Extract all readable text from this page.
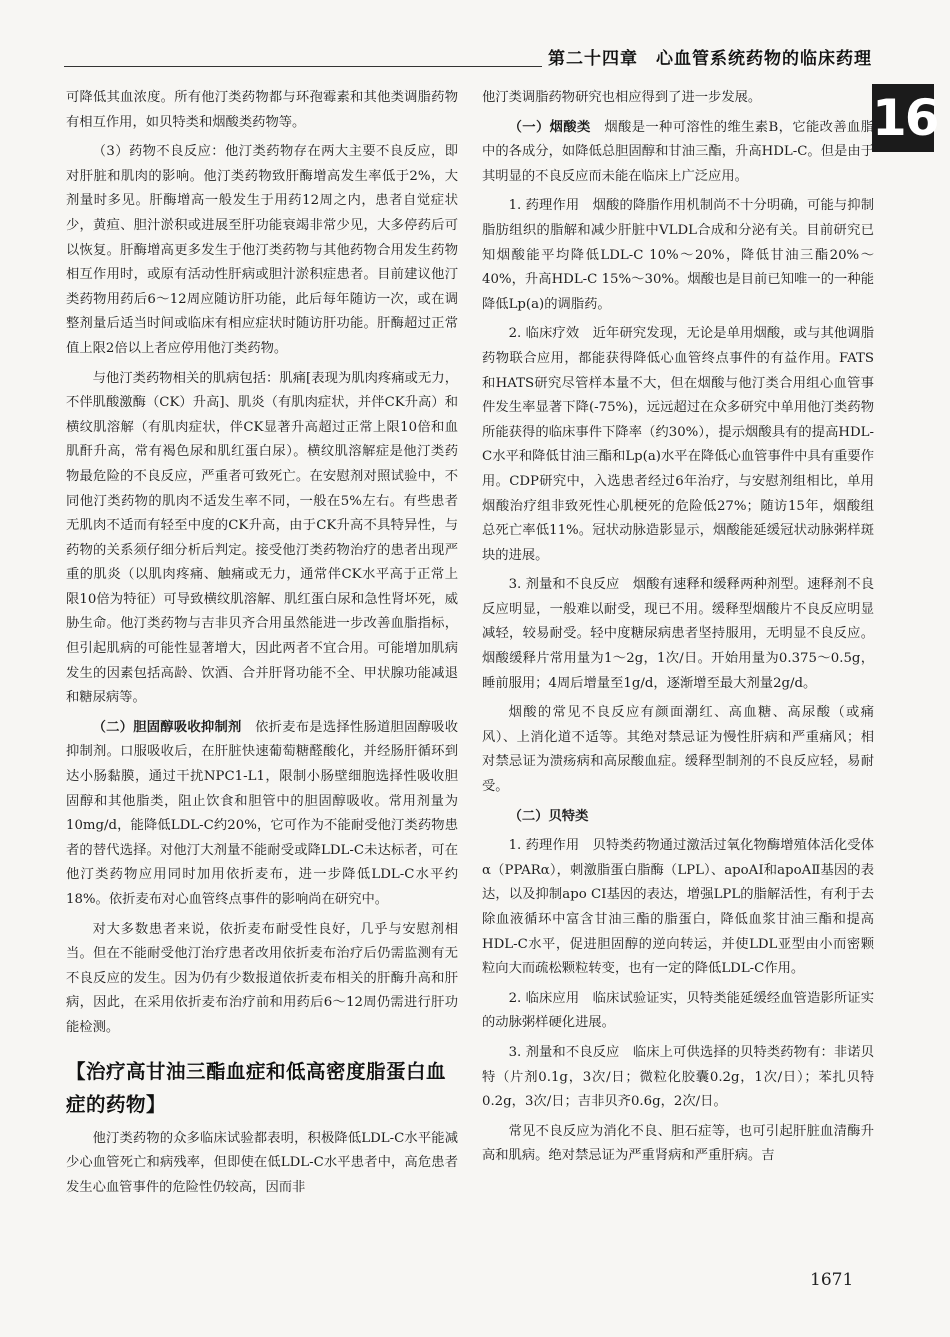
第二十四章　心血管系统药物的临床药理
16

可降低其血浓度。所有他汀类药物都与环孢霉素和其他类调脂药物有相互作用，如贝特类和烟酸类药物等。

（3）药物不良反应：他汀类药物存在两大主要不良反应，即对肝脏和肌肉的影响。他汀类药物致肝酶增高发生率低于2%，大剂量时多见。肝酶增高一般发生于用药12周之内，患者自觉症状少，黄疸、胆汁淤积或进展至肝功能衰竭非常少见，大多停药后可以恢复。肝酶增高更多发生于他汀类药物与其他药物合用发生药物相互作用时，或原有活动性肝病或胆汁淤积症患者。目前建议他汀类药物用药后6～12周应随访肝功能，此后每年随访一次，或在调整剂量后适当时间或临床有相应症状时随访肝功能。肝酶超过正常值上限2倍以上者应停用他汀类药物。

与他汀类药物相关的肌病包括：肌痛[表现为肌肉疼痛或无力，不伴肌酸激酶（CK）升高]、肌炎（有肌肉症状，并伴CK升高）和横纹肌溶解（有肌肉症状，伴CK显著升高超过正常上限10倍和血肌酐升高，常有褐色尿和肌红蛋白尿）。横纹肌溶解症是他汀类药物最危险的不良反应，严重者可致死亡。在安慰剂对照试验中，不同他汀类药物的肌肉不适发生率不同，一般在5%左右。有些患者无肌肉不适而有轻至中度的CK升高，由于CK升高不具特异性，与药物的关系须仔细分析后判定。接受他汀类药物治疗的患者出现严重的肌炎（以肌肉疼痛、触痛或无力，通常伴CK水平高于正常上限10倍为特征）可导致横纹肌溶解、肌红蛋白尿和急性肾坏死，威胁生命。他汀类药物与吉非贝齐合用虽然能进一步改善血脂指标，但引起肌病的可能性显著增大，因此两者不宜合用。可能增加肌病发生的因素包括高龄、饮酒、合并肝肾功能不全、甲状腺功能减退和糖尿病等。

（二）胆固醇吸收抑制剂　依折麦布是选择性肠道胆固醇吸收抑制剂。口服吸收后，在肝脏快速葡萄糖醛酸化，并经肠肝循环到达小肠黏膜，通过干扰NPC1-L1，限制小肠壁细胞选择性吸收胆固醇和其他脂类，阻止饮食和胆管中的胆固醇吸收。常用剂量为10mg/d，能降低LDL-C约20%，它可作为不能耐受他汀类药物患者的替代选择。对他汀大剂量不能耐受或降LDL-C未达标者，可在他汀类药物应用同时加用依折麦布，进一步降低LDL-C水平约18%。依折麦布对心血管终点事件的影响尚在研究中。

对大多数患者来说，依折麦布耐受性良好，几乎与安慰剂相当。但在不能耐受他汀治疗患者改用依折麦布治疗后仍需监测有无不良反应的发生。因为仍有少数报道依折麦布相关的肝酶升高和肝病，因此，在采用依折麦布治疗前和用药后6～12周仍需进行肝功能检测。

【治疗高甘油三酯血症和低高密度脂蛋白血症的药物】

他汀类药物的众多临床试验都表明，积极降低LDL-C水平能减少心血管死亡和病残率，但即使在低LDL-C水平患者中，高危患者发生心血管事件的危险性仍较高，因而非

他汀类调脂药物研究也相应得到了进一步发展。

（一）烟酸类　烟酸是一种可溶性的维生素B，它能改善血脂中的各成分，如降低总胆固醇和甘油三酯，升高HDL-C。但是由于其明显的不良反应而未能在临床上广泛应用。

1. 药理作用　烟酸的降脂作用机制尚不十分明确，可能与抑制脂肪组织的脂解和减少肝脏中VLDL合成和分泌有关。目前研究已知烟酸能平均降低LDL-C 10%～20%，降低甘油三酯20%～40%，升高HDL-C 15%～30%。烟酸也是目前已知唯一的一种能降低Lp(a)的调脂药。

2. 临床疗效　近年研究发现，无论是单用烟酸，或与其他调脂药物联合应用，都能获得降低心血管终点事件的有益作用。FATS和HATS研究尽管样本量不大，但在烟酸与他汀类合用组心血管事件发生率显著下降(-75%)，远远超过在众多研究中单用他汀类药物所能获得的临床事件下降率（约30%），提示烟酸具有的提高HDL-C水平和降低甘油三酯和Lp(a)水平在降低心血管事件中具有重要作用。CDP研究中，入选患者经过6年治疗，与安慰剂组相比，单用烟酸治疗组非致死性心肌梗死的危险低27%；随访15年，烟酸组总死亡率低11%。冠状动脉造影显示，烟酸能延缓冠状动脉粥样斑块的进展。

3. 剂量和不良反应　烟酸有速释和缓释两种剂型。速释剂不良反应明显，一般难以耐受，现已不用。缓释型烟酸片不良反应明显减轻，较易耐受。轻中度糖尿病患者坚持服用，无明显不良反应。烟酸缓释片常用量为1～2g，1次/日。开始用量为0.375～0.5g，睡前服用；4周后增量至1g/d，逐渐增至最大剂量2g/d。

烟酸的常见不良反应有颜面潮红、高血糖、高尿酸（或痛风）、上消化道不适等。其绝对禁忌证为慢性肝病和严重痛风；相对禁忌证为溃疡病和高尿酸血症。缓释型制剂的不良反应轻，易耐受。

（二）贝特类

1. 药理作用　贝特类药物通过激活过氧化物酶增殖体活化受体α（PPARα），刺激脂蛋白脂酶（LPL）、apoAⅠ和apoAⅡ基因的表达，以及抑制apo CI基因的表达，增强LPL的脂解活性，有利于去除血液循环中富含甘油三酯的脂蛋白，降低血浆甘油三酯和提高HDL-C水平，促进胆固醇的逆向转运，并使LDL亚型由小而密颗粒向大而疏松颗粒转变，也有一定的降低LDL-C作用。

2. 临床应用　临床试验证实，贝特类能延缓经血管造影所证实的动脉粥样硬化进展。

3. 剂量和不良反应　临床上可供选择的贝特类药物有：非诺贝特（片剂0.1g，3次/日；微粒化胶囊0.2g，1次/日）；苯扎贝特0.2g，3次/日；吉非贝齐0.6g，2次/日。

常见不良反应为消化不良、胆石症等，也可引起肝脏血清酶升高和肌病。绝对禁忌证为严重肾病和严重肝病。吉

1671
